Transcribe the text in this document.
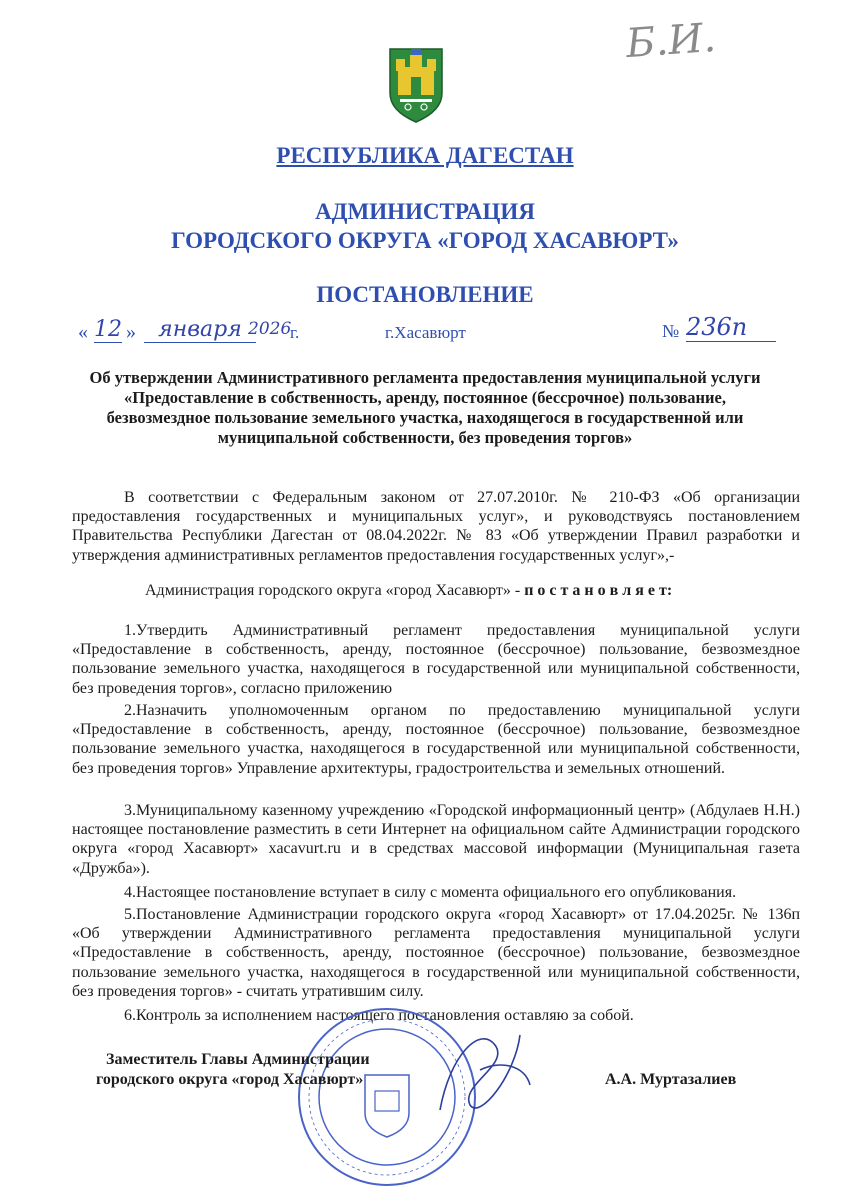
Б.И.
РЕСПУБЛИКА ДАГЕСТАН
АДМИНИСТРАЦИЯ
ГОРОДСКОГО ОКРУГА «ГОРОД ХАСАВЮРТ»
ПОСТАНОВЛЕНИЕ
« 12 »	января 2026
г.	г.Хасавюрт	№ 236п
Об утверждении Административного регламента предоставления муниципальной услуги
«Предоставление в собственность, аренду, постоянное (бессрочное) пользование,
безвозмездное пользование земельного участка, находящегося в государственной или
муниципальной собственности, без проведения торгов»
В соответствии с Федеральным законом от 27.07.2010г. № 210-ФЗ «Об организации предоставления государственных и муниципальных услуг», и руководствуясь постановлением Правительства Республики Дагестан от 08.04.2022г. № 83 «Об утверждении Правил разработки и утверждения административных регламентов предоставления государственных услуг»,-
Администрация городского округа «город Хасавюрт» - п о с т а н о в л я е т:
1.Утвердить Административный регламент предоставления муниципальной услуги «Предоставление в собственность, аренду, постоянное (бессрочное) пользование, безвозмездное пользование земельного участка, находящегося в государственной или муниципальной собственности, без проведения торгов», согласно приложению
2.Назначить уполномоченным органом по предоставлению муниципальной услуги «Предоставление в собственность, аренду, постоянное (бессрочное) пользование, безвозмездное пользование земельного участка, находящегося в государственной или муниципальной собственности, без проведения торгов» Управление архитектуры, градостроительства и земельных отношений.
3.Муниципальному казенному учреждению «Городской информационный центр» (Абдулаев Н.Н.) настоящее постановление разместить в сети Интернет на официальном сайте Администрации городского округа «город Хасавюрт» xacavurt.ru и в средствах массовой информации (Муниципальная газета «Дружба»).
4.Настоящее постановление вступает в силу с момента официального его опубликования.
5.Постановление Администрации городского округа «город Хасавюрт» от 17.04.2025г. № 136п «Об утверждении Административного регламента предоставления муниципальной услуги «Предоставление в собственность, аренду, постоянное (бессрочное) пользование, безвозмездное пользование земельного участка, находящегося в государственной или муниципальной собственности, без проведения торгов» - считать утратившим силу.
6.Контроль за исполнением настоящего постановления оставляю за собой.
Заместитель Главы Администрации
городского округа «город Хасавюрт»	А.А. Муртазалиев
